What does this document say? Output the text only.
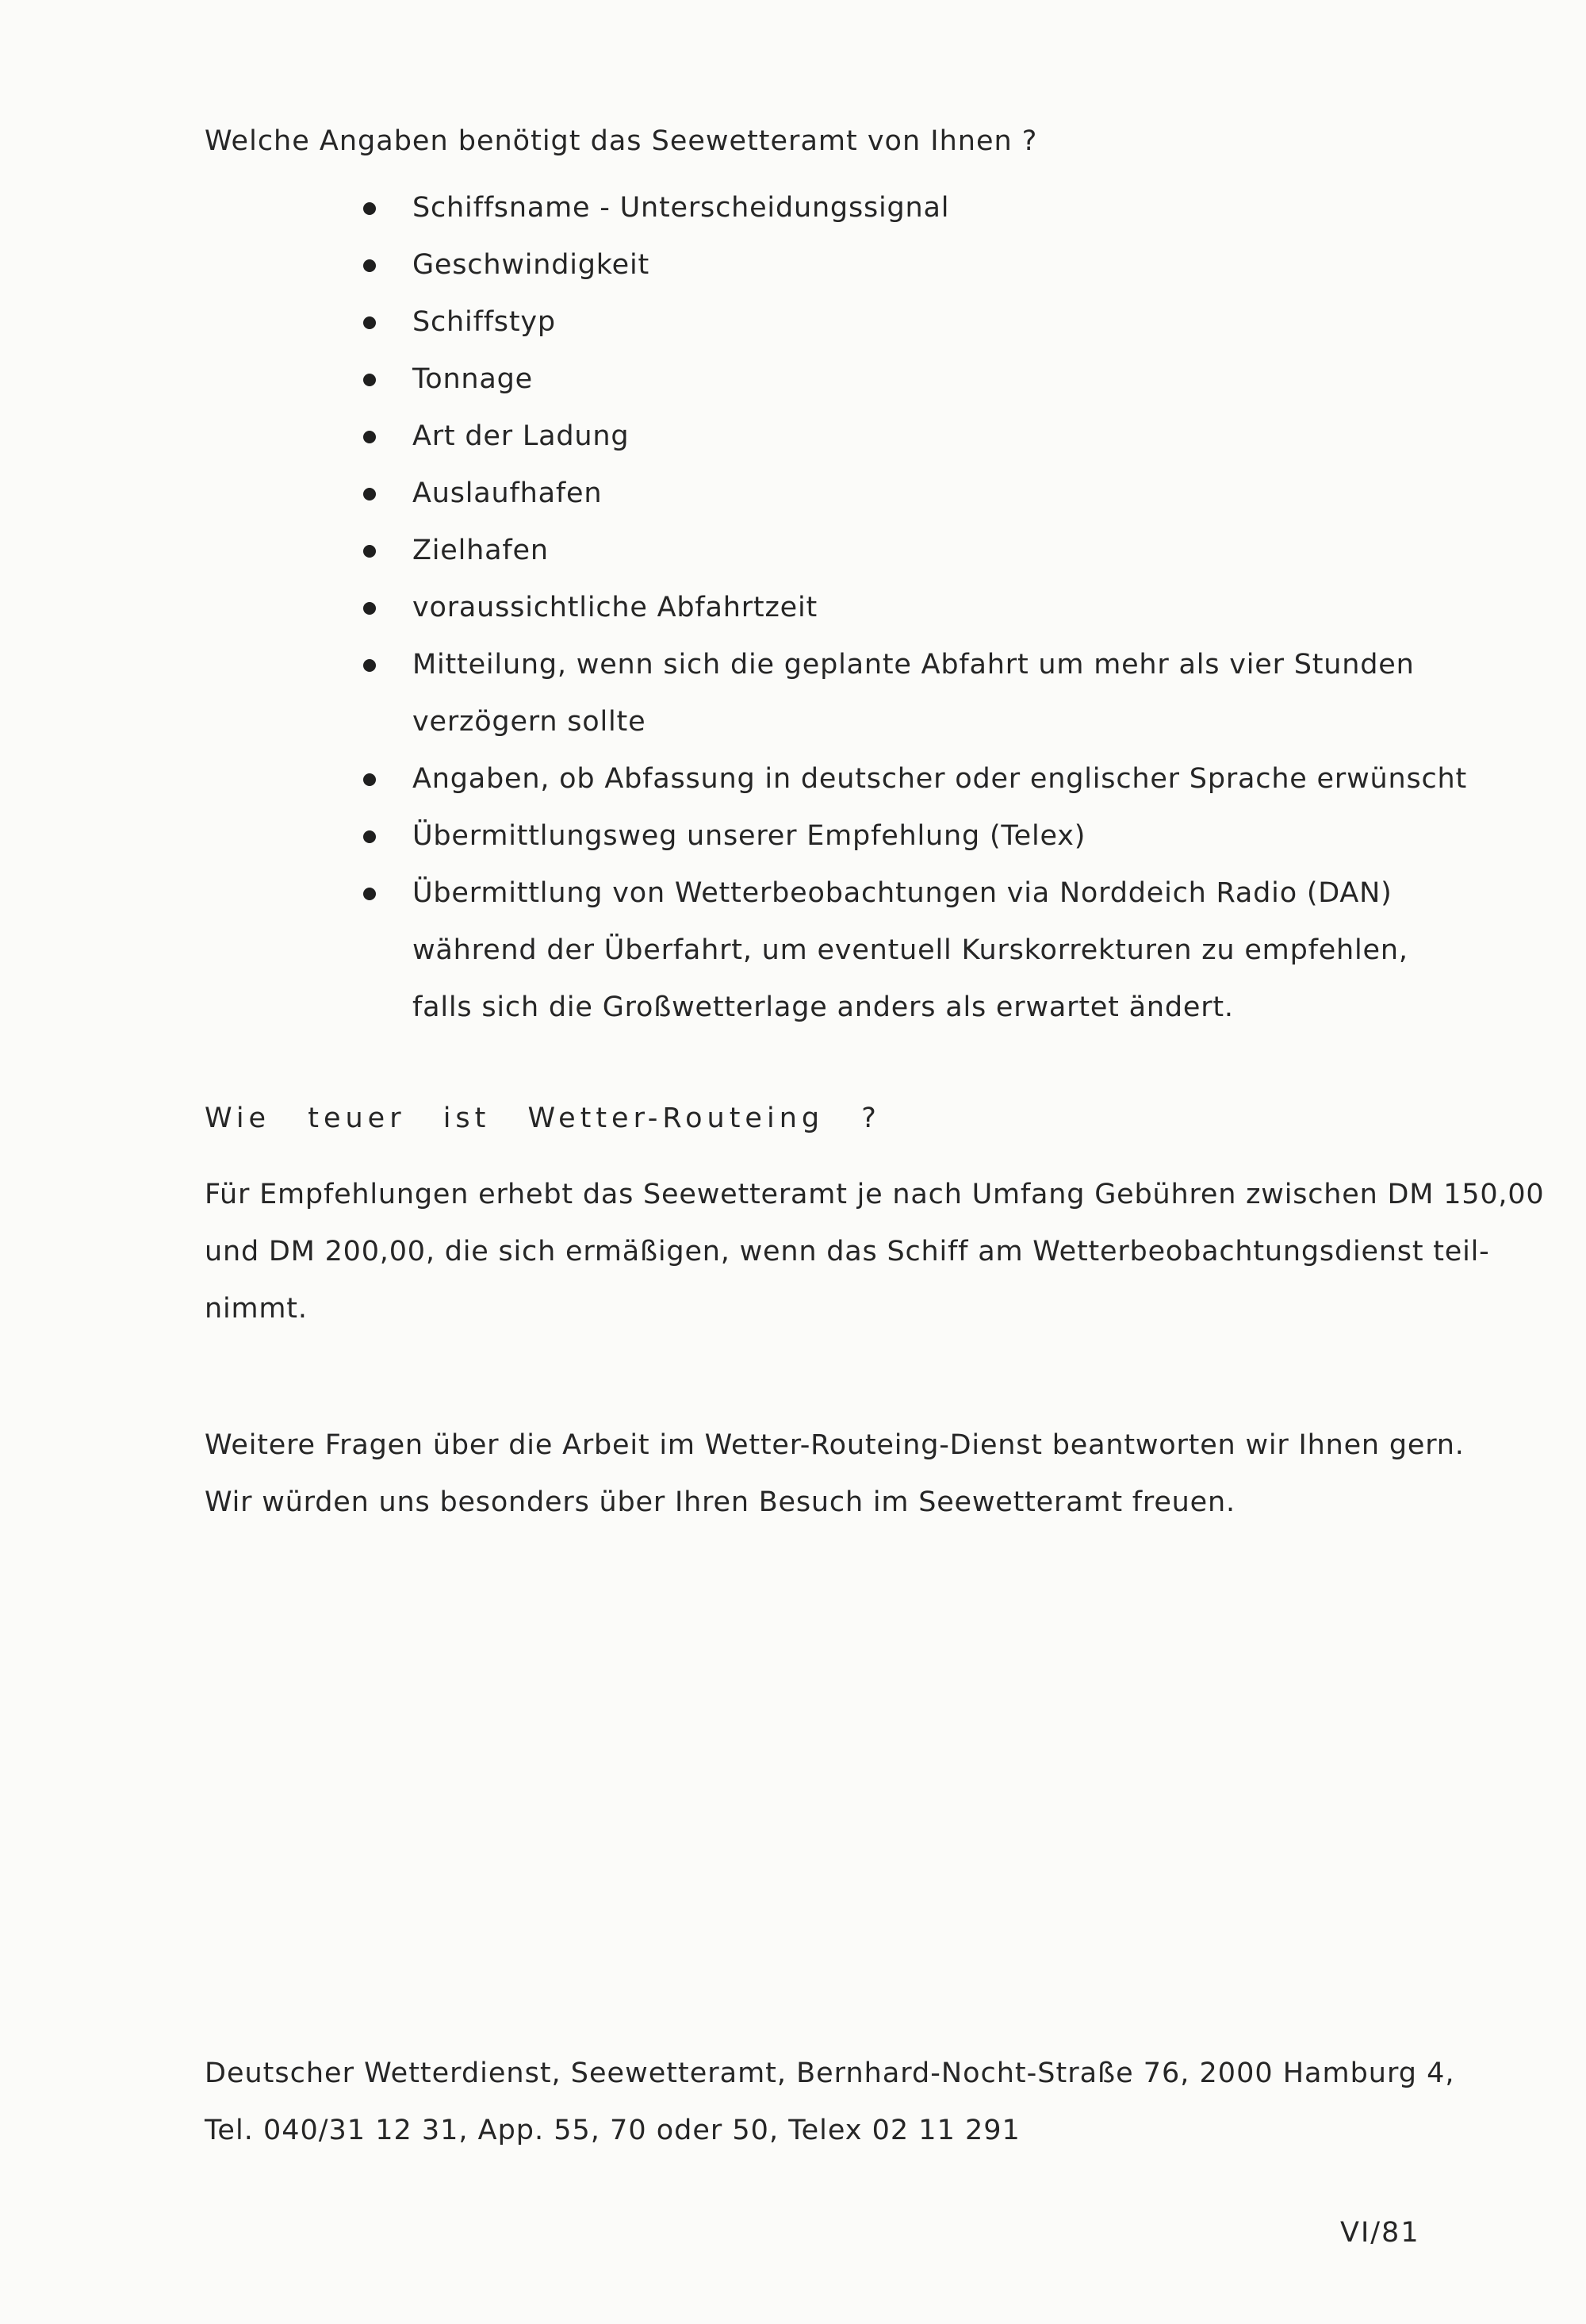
Welche Angaben benötigt das Seewetteramt von Ihnen ?
Schiffsname - Unterscheidungssignal
Geschwindigkeit
Schiffstyp
Tonnage
Art der Ladung
Auslaufhafen
Zielhafen
voraussichtliche Abfahrtzeit
Mitteilung, wenn sich die geplante Abfahrt um mehr als vier Stunden
verzögern sollte
Angaben, ob Abfassung in deutscher oder englischer Sprache erwünscht
Übermittlungsweg unserer Empfehlung (Telex)
Übermittlung von Wetterbeobachtungen via Norddeich Radio (DAN)
während der Überfahrt, um eventuell Kurskorrekturen zu empfehlen,
falls sich die Großwetterlage anders als erwartet ändert.
Wie teuer ist Wetter-Routeing ?
Für Empfehlungen erhebt das Seewetteramt je nach Umfang Gebühren zwischen DM 150,00
und DM 200,00, die sich ermäßigen, wenn das Schiff am Wetterbeobachtungsdienst teil-
nimmt.
Weitere Fragen über die Arbeit im Wetter-Routeing-Dienst beantworten wir Ihnen gern.
Wir würden uns besonders über Ihren Besuch im Seewetteramt freuen.
Deutscher Wetterdienst, Seewetteramt, Bernhard-Nocht-Straße 76, 2000 Hamburg 4,
Tel. 040/31 12 31, App. 55, 70 oder 50, Telex 02 11 291
VI/81
